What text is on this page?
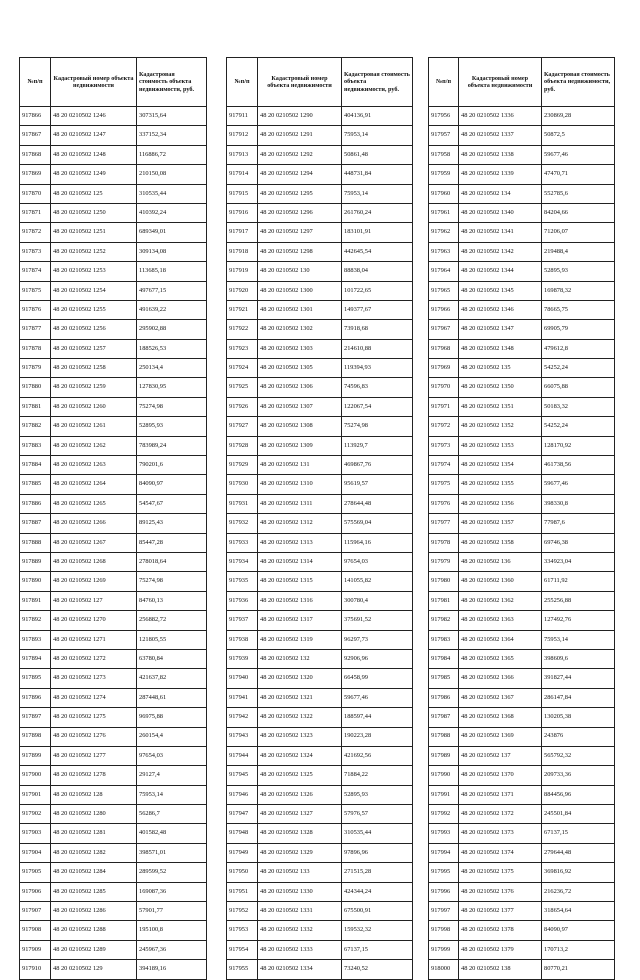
№п/п	Кадастровый номер объекта недвижимости	Кадастровая стоимость объекта недвижимости, руб.
917866	48 20 0210502 1246	307315,64
917867	48 20 0210502 1247	337152,34
917868	48 20 0210502 1248	116886,72
917869	48 20 0210502 1249	210150,08
917870	48 20 0210502 125	310535,44
917871	48 20 0210502 1250	410392,24
917872	48 20 0210502 1251	689349,01
917873	48 20 0210502 1252	309134,08
917874	48 20 0210502 1253	113685,18
917875	48 20 0210502 1254	497677,15
917876	48 20 0210502 1255	491639,22
917877	48 20 0210502 1256	295902,88
917878	48 20 0210502 1257	188526,53
917879	48 20 0210502 1258	250134,4
917880	48 20 0210502 1259	127830,95
917881	48 20 0210502 1260	75274,98
917882	48 20 0210502 1261	52895,93
917883	48 20 0210502 1262	783989,24
917884	48 20 0210502 1263	790201,6
917885	48 20 0210502 1264	84090,97
917886	48 20 0210502 1265	54547,67
917887	48 20 0210502 1266	89125,43
917888	48 20 0210502 1267	85447,28
917889	48 20 0210502 1268	278018,64
917890	48 20 0210502 1269	75274,98
917891	48 20 0210502 127	84760,13
917892	48 20 0210502 1270	256882,72
917893	48 20 0210502 1271	121805,55
917894	48 20 0210502 1272	63780,84
917895	48 20 0210502 1273	421637,82
917896	48 20 0210502 1274	287448,61
917897	48 20 0210502 1275	96975,88
917898	48 20 0210502 1276	260154,4
917899	48 20 0210502 1277	97654,03
917900	48 20 0210502 1278	29127,4
917901	48 20 0210502 128	75953,14
917902	48 20 0210502 1280	56286,7
917903	48 20 0210502 1281	401582,48
917904	48 20 0210502 1282	398571,01
917905	48 20 0210502 1284	289599,52
917906	48 20 0210502 1285	169087,36
917907	48 20 0210502 1286	57901,77
917908	48 20 0210502 1288	195100,8
917909	48 20 0210502 1289	245967,36
917910	48 20 0210502 129	394189,16
№п/п	Кадастровый номер объекта недвижимости	Кадастровая стоимость объекта недвижимости, руб.
917911	48 20 0210502 1290	404136,91
917912	48 20 0210502 1291	75953,14
917913	48 20 0210502 1292	50861,48
917914	48 20 0210502 1294	448731,84
917915	48 20 0210502 1295	75953,14
917916	48 20 0210502 1296	261760,24
917917	48 20 0210502 1297	183101,91
917918	48 20 0210502 1298	442645,54
917919	48 20 0210502 130	88838,04
917920	48 20 0210502 1300	101722,65
917921	48 20 0210502 1301	149377,67
917922	48 20 0210502 1302	73918,68
917923	48 20 0210502 1303	214610,88
917924	48 20 0210502 1305	119394,93
917925	48 20 0210502 1306	74596,83
917926	48 20 0210502 1307	122067,54
917927	48 20 0210502 1308	75274,98
917928	48 20 0210502 1309	113929,7
917929	48 20 0210502 131	469867,76
917930	48 20 0210502 1310	95619,57
917931	48 20 0210502 1311	278644,48
917932	48 20 0210502 1312	575569,04
917933	48 20 0210502 1313	115964,16
917934	48 20 0210502 1314	97654,03
917935	48 20 0210502 1315	141055,82
917936	48 20 0210502 1316	300780,4
917937	48 20 0210502 1317	375691,52
917938	48 20 0210502 1319	96297,73
917939	48 20 0210502 132	92906,96
917940	48 20 0210502 1320	66458,99
917941	48 20 0210502 1321	59677,46
917942	48 20 0210502 1322	188597,44
917943	48 20 0210502 1323	190223,28
917944	48 20 0210502 1324	421692,56
917945	48 20 0210502 1325	71884,22
917946	48 20 0210502 1326	52895,93
917947	48 20 0210502 1327	57976,57
917948	48 20 0210502 1328	310535,44
917949	48 20 0210502 1329	97896,96
917950	48 20 0210502 133	271515,28
917951	48 20 0210502 1330	424344,24
917952	48 20 0210502 1331	675500,91
917953	48 20 0210502 1332	159532,32
917954	48 20 0210502 1333	67137,15
917955	48 20 0210502 1334	73240,52
№п/п	Кадастровый номер объекта недвижимости	Кадастровая стоимость объекта недвижимости, руб.
917956	48 20 0210502 1336	230869,28
917957	48 20 0210502 1337	50872,5
917958	48 20 0210502 1338	59677,46
917959	48 20 0210502 1339	47470,71
917960	48 20 0210502 134	552785,6
917961	48 20 0210502 1340	84204,66
917962	48 20 0210502 1341	71206,07
917963	48 20 0210502 1342	219488,4
917964	48 20 0210502 1344	52895,93
917965	48 20 0210502 1345	169878,32
917966	48 20 0210502 1346	78665,75
917967	48 20 0210502 1347	69905,79
917968	48 20 0210502 1348	479612,8
917969	48 20 0210502 135	54252,24
917970	48 20 0210502 1350	66075,88
917971	48 20 0210502 1351	50183,32
917972	48 20 0210502 1352	54252,24
917973	48 20 0210502 1353	128170,92
917974	48 20 0210502 1354	461738,56
917975	48 20 0210502 1355	59677,46
917976	48 20 0210502 1356	398330,8
917977	48 20 0210502 1357	77987,6
917978	48 20 0210502 1358	69746,38
917979	48 20 0210502 136	334923,04
917980	48 20 0210502 1360	61711,92
917981	48 20 0210502 1362	255256,88
917982	48 20 0210502 1363	127492,76
917983	48 20 0210502 1364	75953,14
917984	48 20 0210502 1365	398609,6
917985	48 20 0210502 1366	391827,44
917986	48 20 0210502 1367	286147,84
917987	48 20 0210502 1368	130205,38
917988	48 20 0210502 1369	243876
917989	48 20 0210502 137	565792,32
917990	48 20 0210502 1370	209733,36
917991	48 20 0210502 1371	884456,96
917992	48 20 0210502 1372	245501,84
917993	48 20 0210502 1373	67137,15
917994	48 20 0210502 1374	279644,48
917995	48 20 0210502 1375	369816,92
917996	48 20 0210502 1376	216236,72
917997	48 20 0210502 1377	318654,64
917998	48 20 0210502 1378	84090,97
917999	48 20 0210502 1379	170713,2
918000	48 20 0210502 138	80770,21
